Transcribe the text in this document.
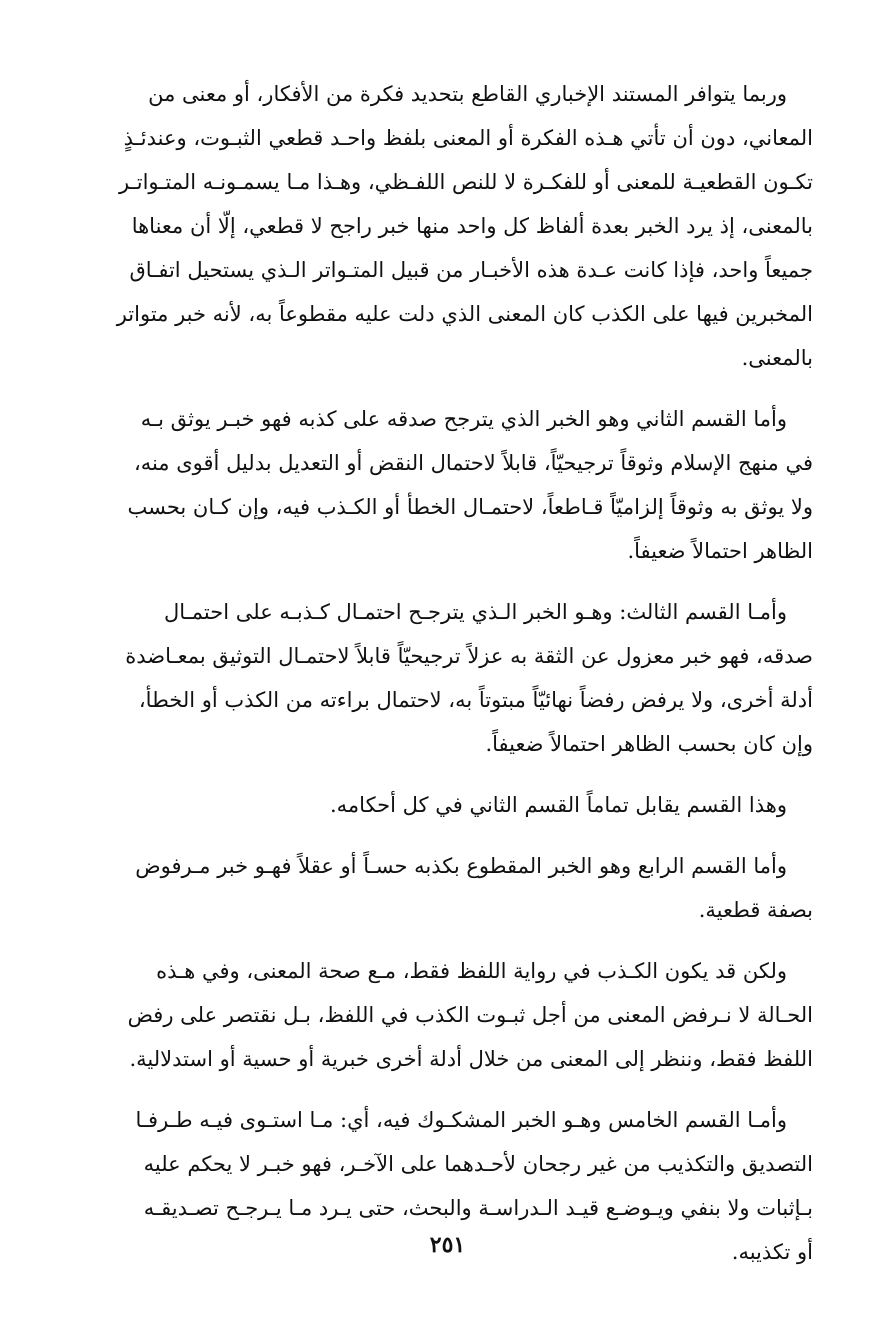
وربما يتوافر المستند الإخباري القاطع بتحديد فكرة من الأفكار، أو معنى من
المعاني، دون أن تأتي هـذه الفكرة أو المعنى بلفظ واحـد قطعي الثبـوت، وعندئـذٍ
تكـون القطعيـة للمعنى أو للفكـرة لا للنص اللفـظي، وهـذا مـا يسمـونـه المتـواتـر
بالمعنى، إذ يرد الخبر بعدة ألفاظ كل واحد منها خبر راجح لا قطعي، إلّا أن معناها
جميعاً واحد، فإذا كانت عـدة هذه الأخبـار من قبيل المتـواتر الـذي يستحيل اتفـاق
المخبرين فيها على الكذب كان المعنى الذي دلت عليه مقطوعاً به، لأنه خبر متواتر
بالمعنى.

وأما القسم الثاني وهو الخبر الذي يترجح صدقه على كذبه فهو خبـر يوثق بـه
في منهج الإسلام وثوقاً ترجيحيّاً، قابلاً لاحتمال النقض أو التعديل بدليل أقوى منه،
ولا يوثق به وثوقاً إلزاميّاً قـاطعاً، لاحتمـال الخطأ أو الكـذب فيه، وإن كـان بحسب
الظاهر احتمالاً ضعيفاً.

وأمـا القسم الثالث: وهـو الخبر الـذي يترجـح احتمـال كـذبـه على احتمـال
صدقه، فهو خبر معزول عن الثقة به عزلاً ترجيحيّاً قابلاً لاحتمـال التوثيق بمعـاضدة
أدلة أخرى، ولا يرفض رفضاً نهائيّاً مبتوتاً به، لاحتمال براءته من الكذب أو الخطأ،
وإن كان بحسب الظاهر احتمالاً ضعيفاً.

وهذا القسم يقابل تماماً القسم الثاني في كل أحكامه.

وأما القسم الرابع وهو الخبر المقطوع بكذبه حسـاً أو عقلاً فهـو خبر مـرفوض
بصفة قطعية.

ولكن قد يكون الكـذب في رواية اللفظ فقط، مـع صحة المعنى، وفي هـذه
الحـالة لا نـرفض المعنى من أجل ثبـوت الكذب في اللفظ، بـل نقتصر على رفض
اللفظ فقط، وننظر إلى المعنى من خلال أدلة أخرى خبرية أو حسية أو استدلالية.

وأمـا القسم الخامس وهـو الخبر المشكـوك فيه، أي: مـا استـوى فيـه طـرفـا
التصديق والتكذيب من غير رجحان لأحـدهما على الآخـر، فهو خبـر لا يحكم عليه
بـإثبات ولا بنفي ويـوضـع قيـد الـدراسـة والبحث، حتى يـرد مـا يـرجـح تصـديقـه
أو تكذيبه.

٢٥١
